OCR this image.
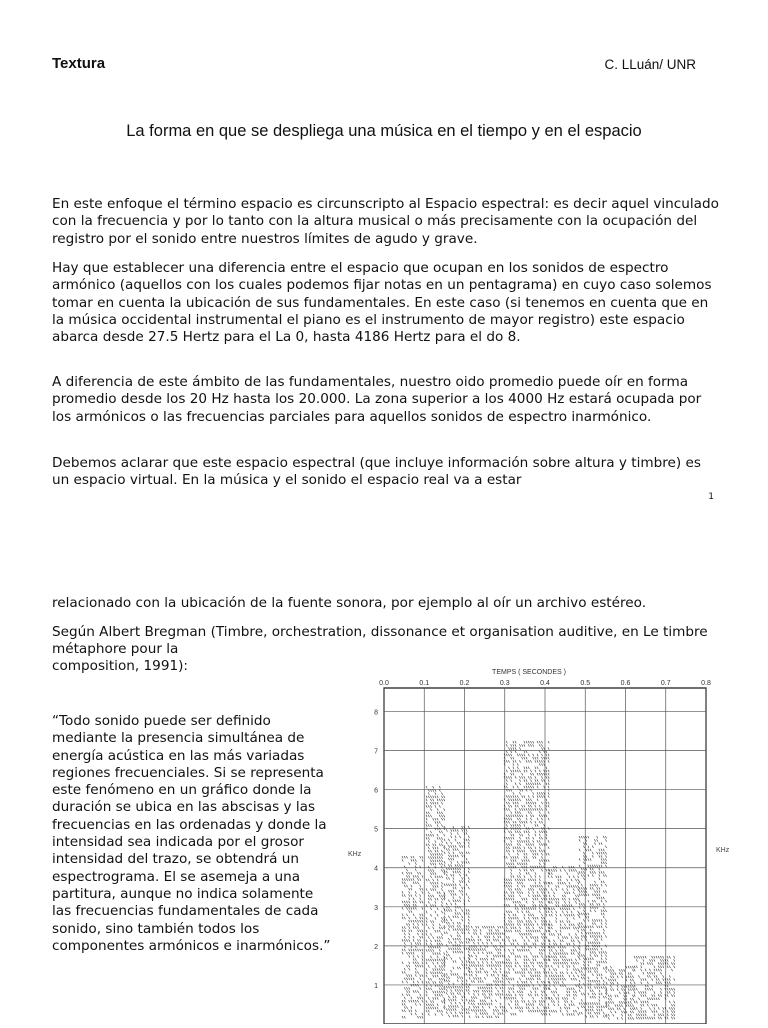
Textura	C. LLuán/ UNR
La forma en que se despliega una música en el tiempo y en el espacio

En este enfoque el término espacio es circunscripto al Espacio espectral: es decir aquel vinculado con la frecuencia y por lo tanto con la altura musical o más precisamente con la ocupación del registro por el sonido entre nuestros límites de agudo y grave.

Hay que establecer una diferencia entre el espacio que ocupan en los sonidos de espectro armónico (aquellos con los cuales podemos fijar notas en un pentagrama) en cuyo caso solemos tomar en cuenta la ubicación de sus fundamentales. En este caso (si tenemos en cuenta que en la música occidental instrumental el piano es el instrumento de mayor registro) este espacio abarca desde 27.5 Hertz para el La 0, hasta 4186 Hertz para el do 8.

A diferencia de este ámbito de las fundamentales, nuestro oido promedio puede oír en forma promedio desde los 20 Hz hasta los 20.000. La zona superior a los 4000 Hz estará ocupada por los armónicos o las frecuencias parciales para aquellos sonidos de espectro inarmónico.

Debemos aclarar que este espacio espectral (que incluye información sobre altura y timbre) es un espacio virtual. En la música y el sonido el espacio real va a estar

1

relacionado con la ubicación de la fuente sonora, por ejemplo al oír un archivo estéreo.

Según Albert Bregman (Timbre, orchestration, dissonance et organisation auditive, en Le timbre métaphore pour la

composition, 1991):

“Todo sonido puede ser definido mediante la presencia simultánea de energía acústica en las más variadas regiones frecuenciales. Si se representa este fenómeno en un gráfico donde la duración se ubica en las abscisas y las frecuencias en las ordenadas y donde la intensidad sea indicada por el grosor intensidad del trazo, se obtendrá un espectrograma. El se asemeja a una partitura, aunque no indica solamente las frecuencias fundamentales de cada sonido, sino también todos los componentes armónicos e inarmónicos.”

TEMPS ( SECONDES )
KHz
KHz
0.0	0.1	0.2	0.3	0.4	0.5	0.6	0.7	0.8
1
2
3
4
5
6
7
8
